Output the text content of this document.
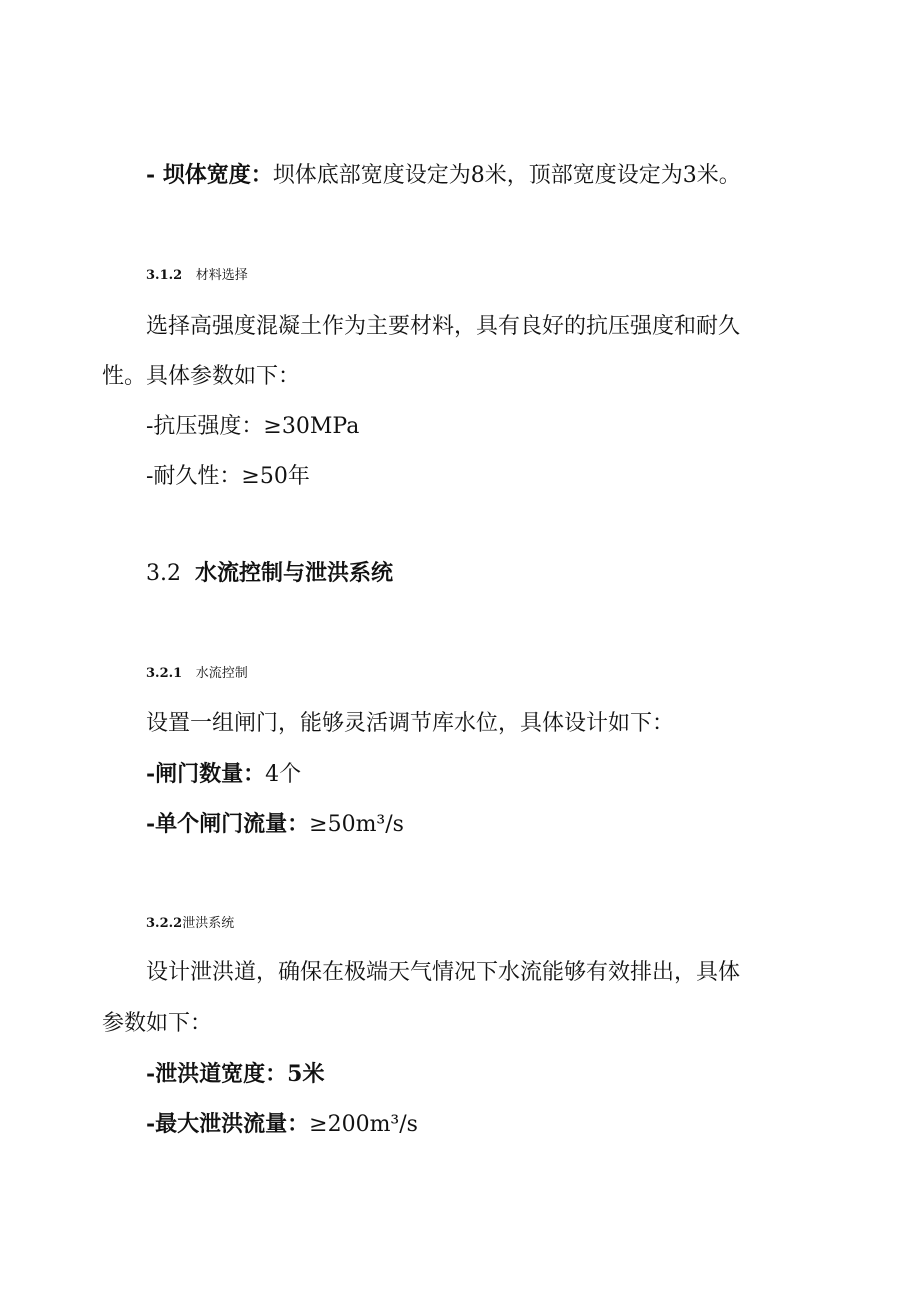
- 坝体宽度：坝体底部宽度设定为8米，顶部宽度设定为3米。
3.1.2 材料选择
选择高强度混凝土作为主要材料，具有良好的抗压强度和耐久
性。具体参数如下：
-抗压强度：≥30MPa
-耐久性：≥50年
3.2 水流控制与泄洪系统
3.2.1 水流控制
设置一组闸门，能够灵活调节库水位，具体设计如下：
-闸门数量：4个
-单个闸门流量：≥50m³/s
3.2.2泄洪系统
设计泄洪道，确保在极端天气情况下水流能够有效排出，具体
参数如下：
-泄洪道宽度：5米
-最大泄洪流量：≥200m³/s
